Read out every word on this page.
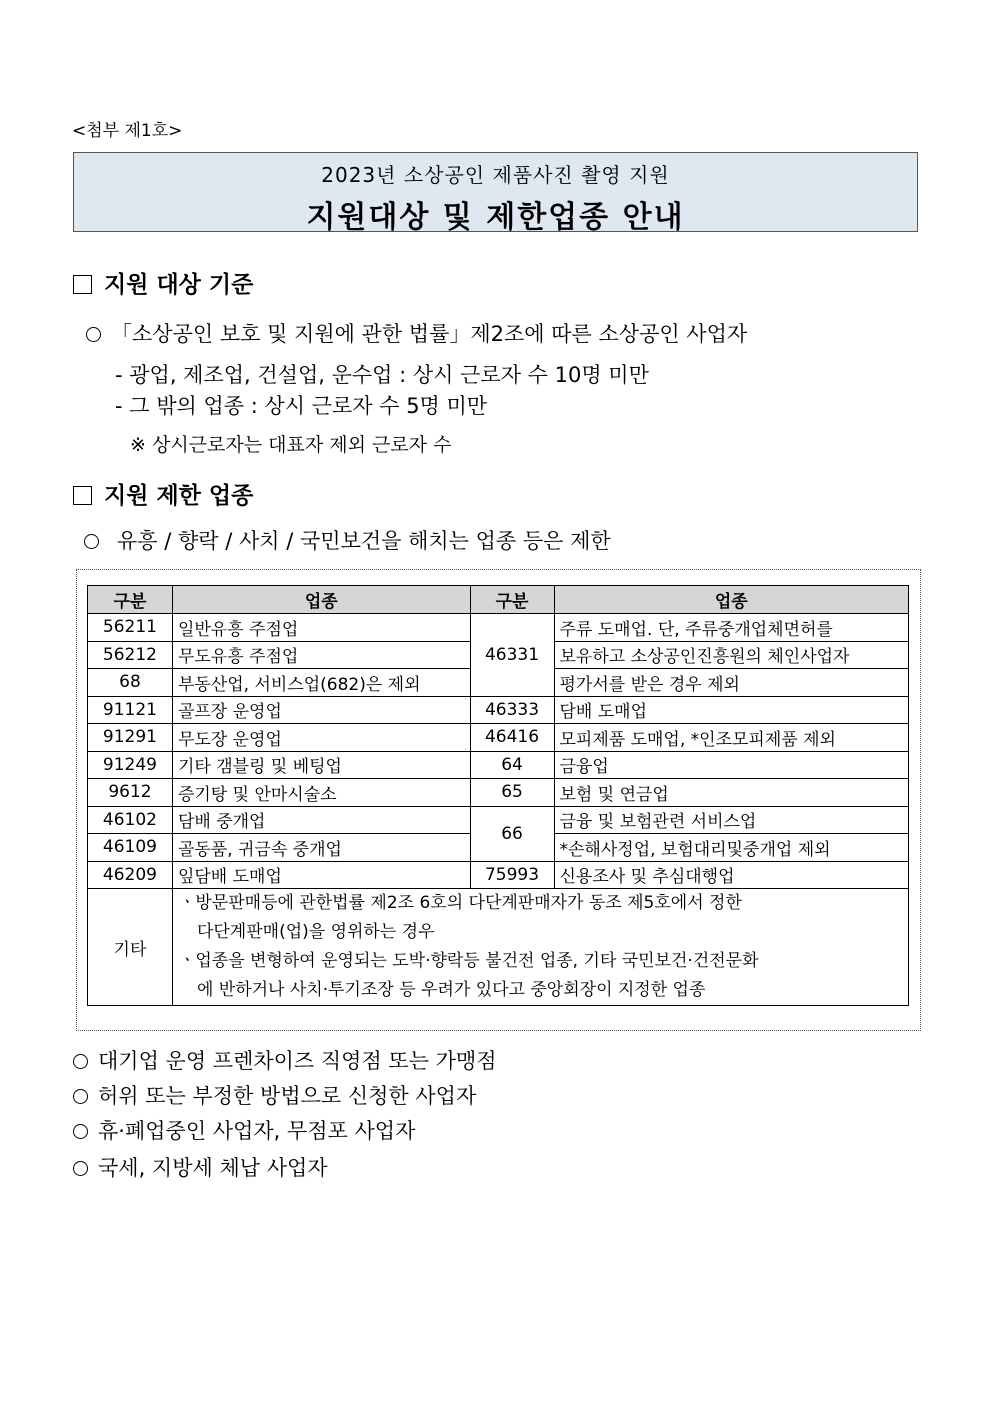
<첨부 제1호>
2023년 소상공인 제품사진 촬영 지원
지원대상 및 제한업종 안내
지원 대상 기준
「소상공인 보호 및 지원에 관한 법률」제2조에 따른 소상공인 사업자
- 광업, 제조업, 건설업, 운수업 : 상시 근로자 수 10명 미만
- 그 밖의 업종 : 상시 근로자 수 5명 미만
※ 상시근로자는 대표자 제외 근로자 수
지원 제한 업종
유흥 / 향락 / 사치 / 국민보건을 해치는 업종 등은 제한
구분	업종	구분	업종
56211	일반유흥 주점업	46331	주류 도매업. 단, 주류중개업체면허를
56212	무도유흥 주점업		보유하고 소상공인진흥원의 체인사업자
68	부동산업, 서비스업(682)은 제외		평가서를 받은 경우 제외
91121	골프장 운영업	46333	담배 도매업
91291	무도장 운영업	46416	모피제품 도매업, *인조모피제품 제외
91249	기타 갬블링 및 베팅업	64	금융업
9612	증기탕 및 안마시술소	65	보험 및 연금업
46102	담배 중개업	66	금융 및 보험관련 서비스업
46109	골동품, 귀금속 중개업		*손해사정업, 보험대리및중개업 제외
46209	잎담배 도매업	75993	신용조사 및 추심대행업
기타	ㆍ방문판매등에 관한법률 제2조 6호의 다단계판매자가 동조 제5호에서 정한
다단계판매(업)을 영위하는 경우
ㆍ업종을 변형하여 운영되는 도박·향락등 불건전 업종, 기타 국민보건·건전문화
에 반하거나 사치·투기조장 등 우려가 있다고 중앙회장이 지정한 업종		
대기업 운영 프렌차이즈 직영점 또는 가맹점
허위 또는 부정한 방법으로 신청한 사업자
휴·폐업중인 사업자, 무점포 사업자
국세, 지방세 체납 사업자
